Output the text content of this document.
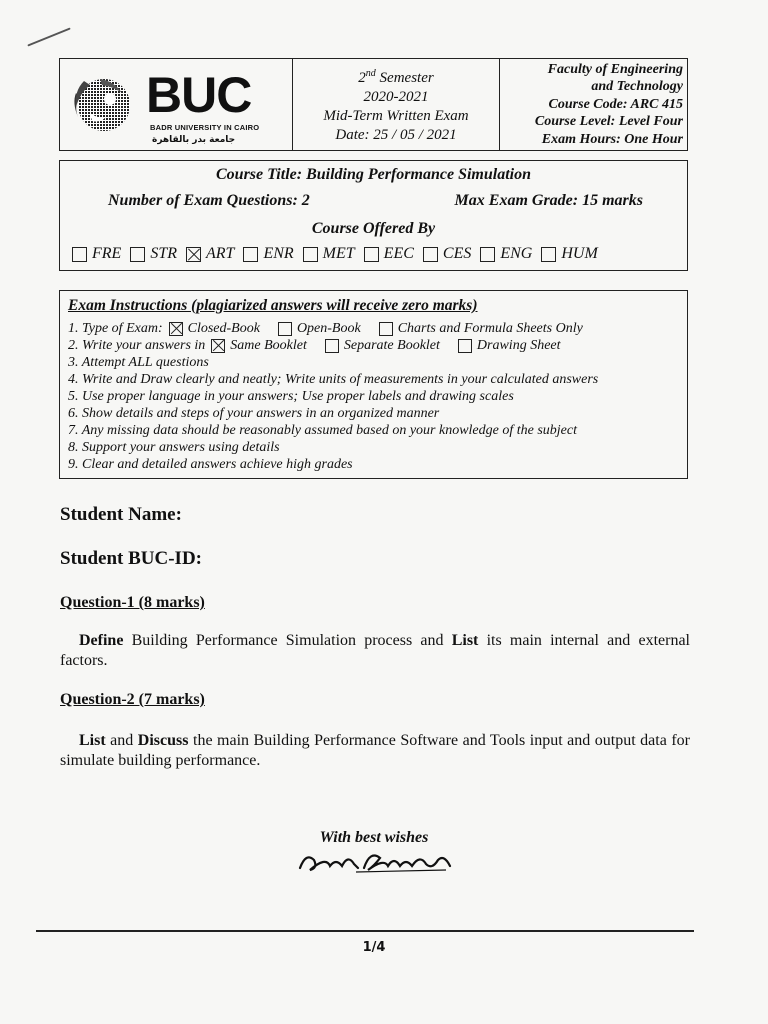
BUC
BADR UNIVERSITY IN CAIRO
جامعة بدر بالقاهرة
2nd Semester
2020-2021
Mid-Term Written Exam
Date: 25 / 05 / 2021
Faculty of Engineering
and Technology
Course Code: ARC 415
Course Level: Level Four
Exam Hours: One Hour
Course Title: Building Performance Simulation
Number of Exam Questions: 2	Max Exam Grade: 15 marks
Course Offered By
FRE STR ART ENR MET EEC CES ENG HUM
Exam Instructions (plagiarized answers will receive zero marks)
1. Type of Exam: Closed-Book	Open-Book	Charts and Formula Sheets Only
2. Write your answers in Same Booklet	Separate Booklet	Drawing Sheet
3. Attempt ALL questions
4. Write and Draw clearly and neatly; Write units of measurements in your calculated answers
5. Use proper language in your answers; Use proper labels and drawing scales
6. Show details and steps of your answers in an organized manner
7. Any missing data should be reasonably assumed based on your knowledge of the subject
8. Support your answers using details
9. Clear and detailed answers achieve high grades
Student Name:
Student BUC-ID:
Question-1 (8 marks)
Define Building Performance Simulation process and List its main internal and external factors.
Question-2 (7 marks)
List and Discuss the main Building Performance Software and Tools input and output data for simulate building performance.
With best wishes
1/4
